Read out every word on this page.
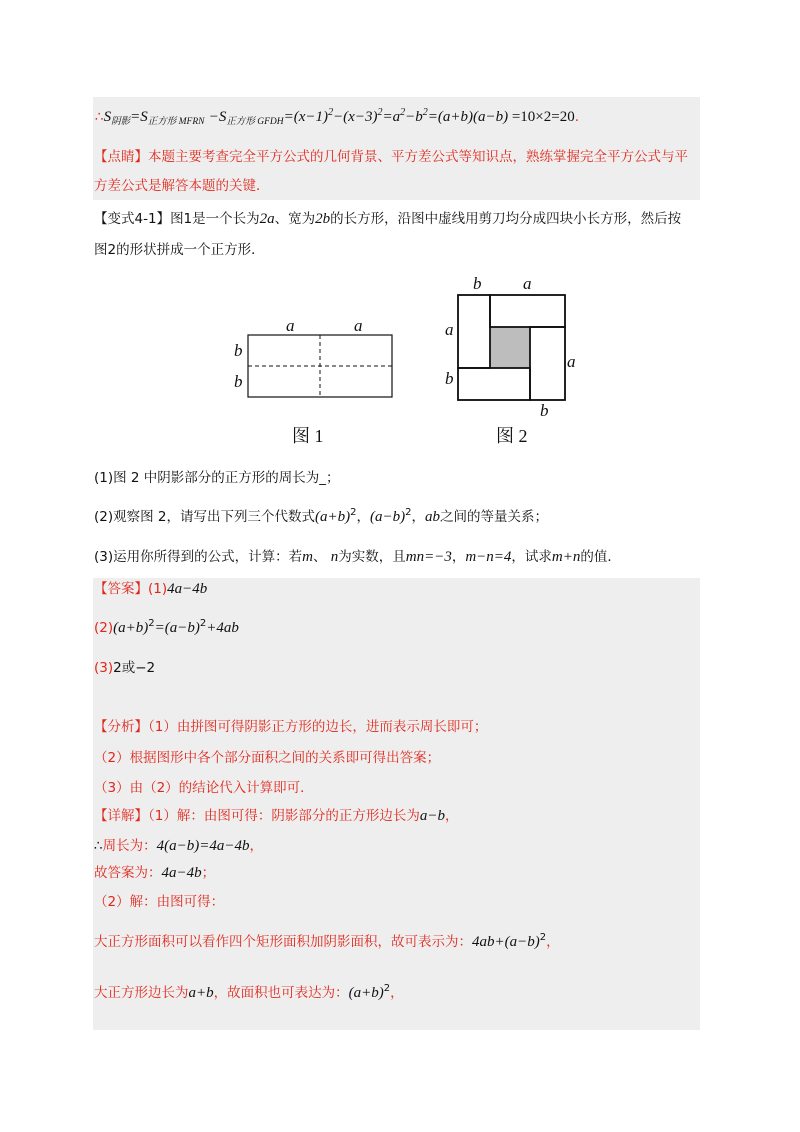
$\therefore S_{阴影}=S_{正方形 MFRN} -S_{正方形 GFDH}=(x-1)^2-(x-3)^2=a^2-b^2=(a+b)(a-b) =10\times 2=20$.
【点睛】本题主要考查完全平方公式的几何背景、平方差公式等知识点，熟练掌握完全平方公式与平
方差公式是解答本题的关键．
【变式4-1】图1是一个长为2a、宽为2b的长方形，沿图中虚线用剪刀均分成四块小长方形，然后按
图2的形状拼成一个正方形．
a	a
b
b
图 1
b a
a
a
b
b
图 2
(1)图 2 中阴影部分的正方形的周长为_；
(2)观察图 2，请写出下列三个代数式$(a+b)^2$，$(a-b)^2$，ab之间的等量关系；
(3)运用你所得到的公式，计算：若m、 n为实数，且mn=−3，m−n=4，试求m+n的值．
【答案】(1)4a−4b
$(2)(a+b)^2=(a-b)^2+4ab$
(3)2或−2
【分析】（1）由拼图可得阴影正方形的边长，进而表示周长即可；
（2）根据图形中各个部分面积之间的关系即可得出答案；
（3）由（2）的结论代入计算即可．
【详解】（1）解：由图可得：阴影部分的正方形边长为a−b，
∴周长为：4(a−b)=4a−4b，
故答案为：4a−4b；
（2）解：由图可得：
大正方形面积可以看作四个矩形面积加阴影面积，故可表示为：$4ab+(a-b)^2$，
大正方形边长为a+b，故面积也可表达为：$(a+b)^2$，
